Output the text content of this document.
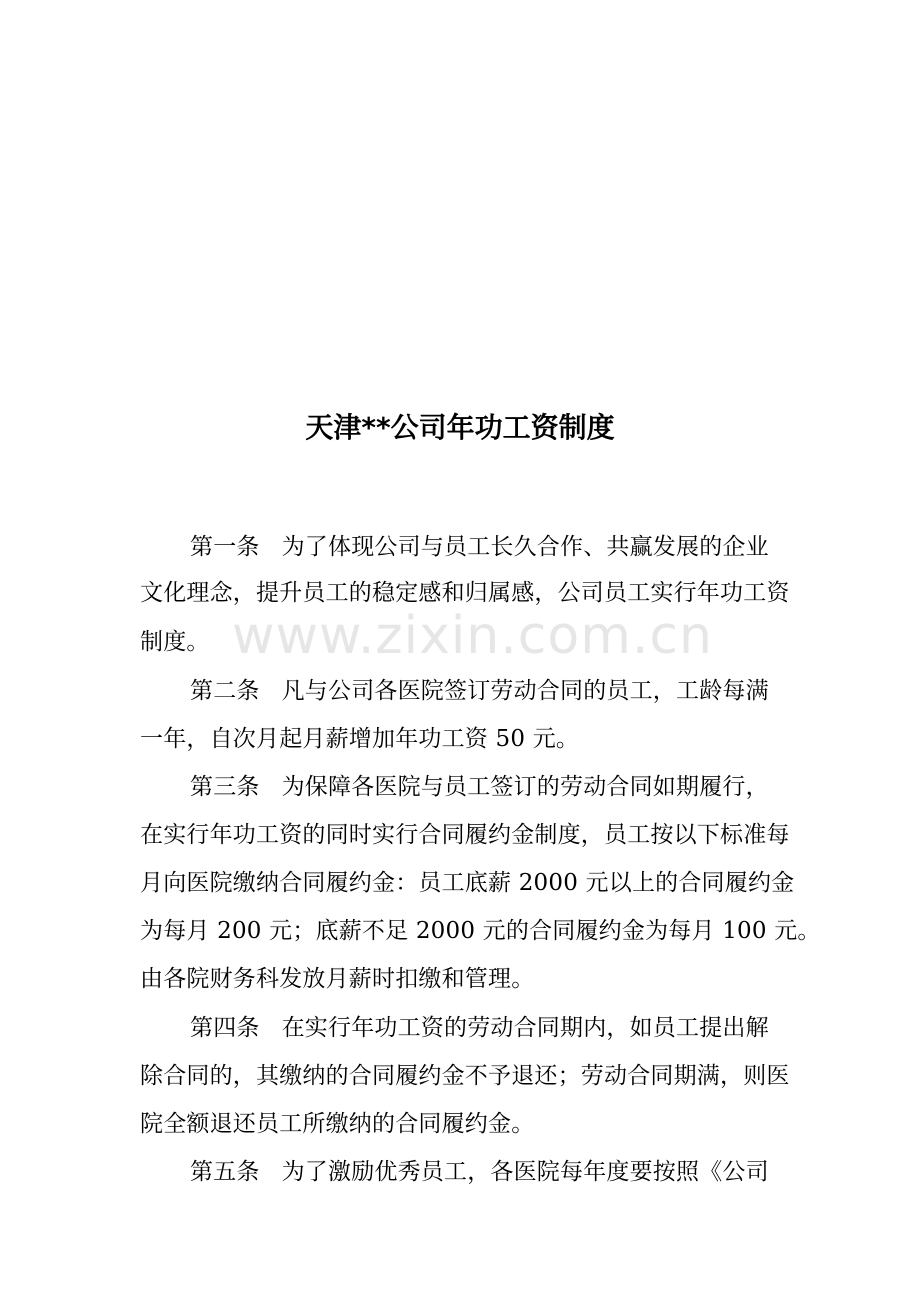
天津**公司年功工资制度
www.zixin.com.cn
第一条 为了体现公司与员工长久合作、共赢发展的企业
文化理念，提升员工的稳定感和归属感，公司员工实行年功工资
制度。
第二条 凡与公司各医院签订劳动合同的员工，工龄每满
一年，自次月起月薪增加年功工资 50 元。
第三条 为保障各医院与员工签订的劳动合同如期履行，
在实行年功工资的同时实行合同履约金制度，员工按以下标准每
月向医院缴纳合同履约金：员工底薪 2000 元以上的合同履约金
为每月 200 元；底薪不足 2000 元的合同履约金为每月 100 元。
由各院财务科发放月薪时扣缴和管理。
第四条 在实行年功工资的劳动合同期内，如员工提出解
除合同的，其缴纳的合同履约金不予退还；劳动合同期满，则医
院全额退还员工所缴纳的合同履约金。
第五条 为了激励优秀员工，各医院每年度要按照《公司
